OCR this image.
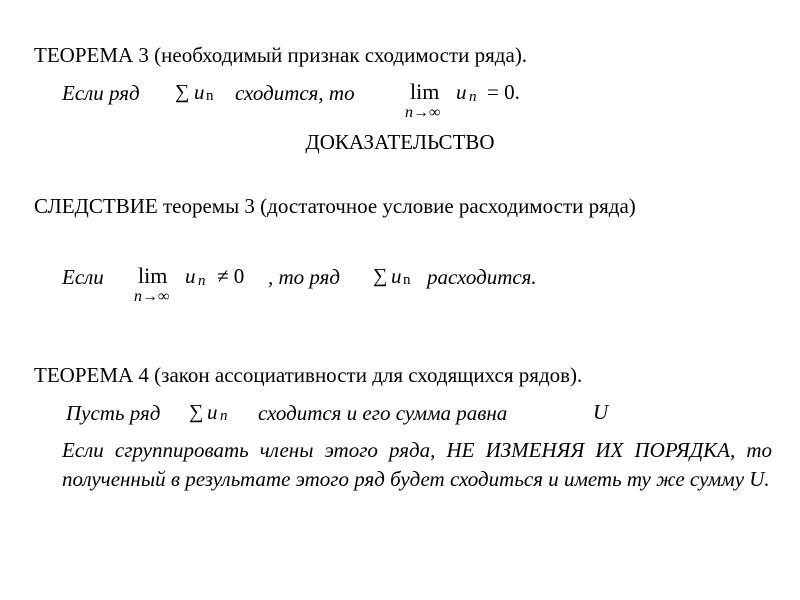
ТЕОРЕМА 3 (необходимый признак сходимости ряда).
Если ряд ∑ u n сходится, то	lim
n→∞
u n = 0.
ДОКАЗАТЕЛЬСТВО
СЛЕДСТВИЕ теоремы 3 (достаточное условие расходимости ряда)
Если lim
n→∞
u n ≠ 0 , то ряд ∑ u n расходится.
ТЕОРЕМА 4 (закон ассоциативности для сходящихся рядов).
Пусть ряд ∑ u n сходится и его сумма равна	U
Если сгруппировать члены этого ряда, НЕ ИЗМЕНЯЯ ИХ ПОРЯДКА, то полученный в результате этого ряд будет сходиться и иметь ту же сумму U.
